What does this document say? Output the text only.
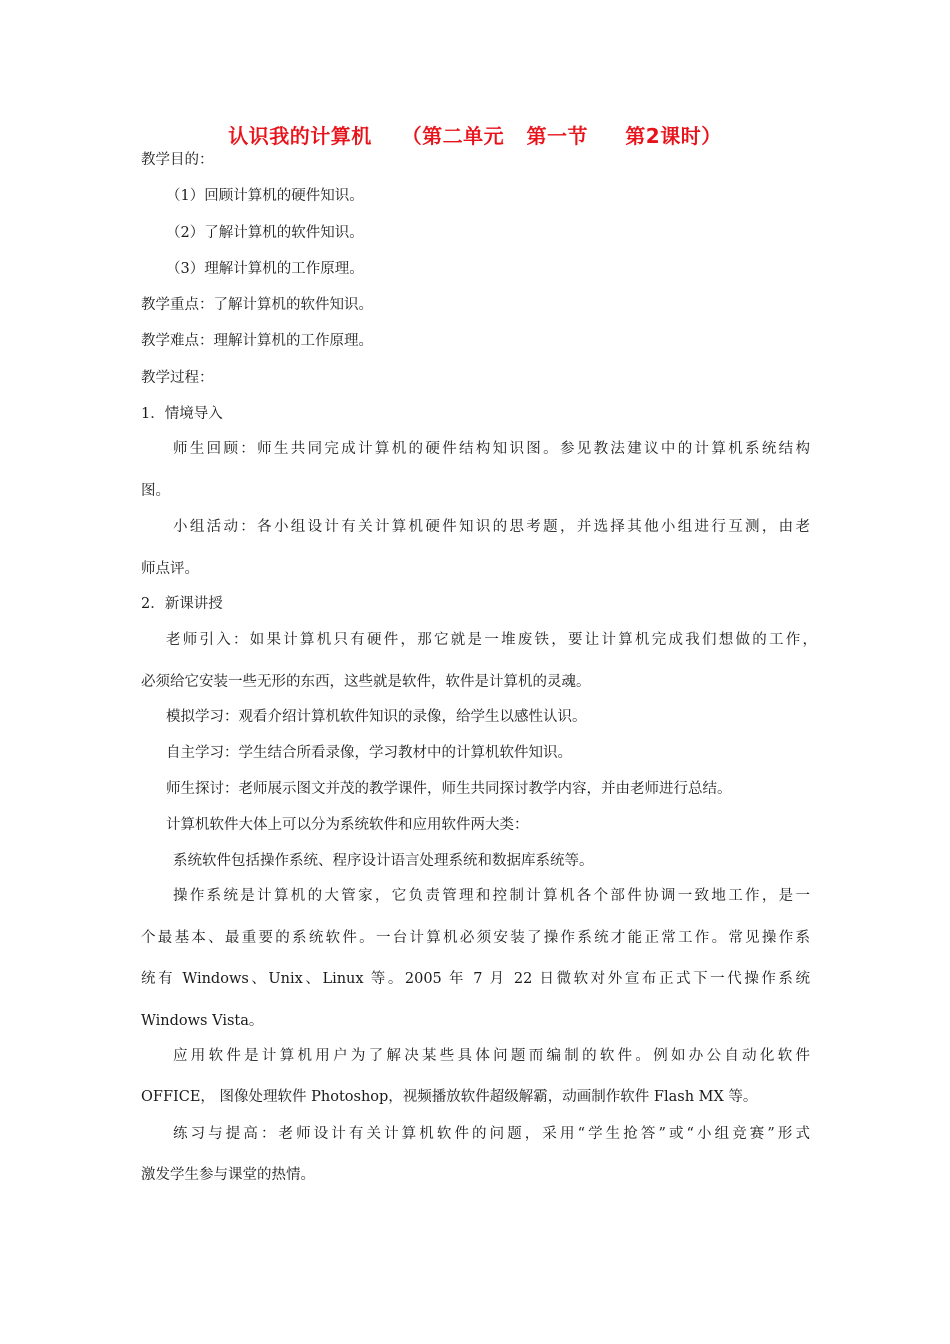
认识我的计算机    （第二单元   第一节     第2课时）
教学目的：
（1）回顾计算机的硬件知识。
（2）了解计算机的软件知识。
（3）理解计算机的工作原理。
教学重点：了解计算机的软件知识。
教学难点：理解计算机的工作原理。
教学过程：
1．情境导入
师生回顾：师生共同完成计算机的硬件结构知识图。参见教法建议中的计算机系统结构
图。
小组活动：各小组设计有关计算机硬件知识的思考题，并选择其他小组进行互测，由老
师点评。
2．新课讲授
老师引入：如果计算机只有硬件，那它就是一堆废铁，要让计算机完成我们想做的工作，
必须给它安装一些无形的东西，这些就是软件，软件是计算机的灵魂。
模拟学习：观看介绍计算机软件知识的录像，给学生以感性认识。
自主学习：学生结合所看录像，学习教材中的计算机软件知识。
师生探讨：老师展示图文并茂的教学课件，师生共同探讨教学内容，并由老师进行总结。
计算机软件大体上可以分为系统软件和应用软件两大类：
系统软件包括操作系统、程序设计语言处理系统和数据库系统等。
操作系统是计算机的大管家，它负责管理和控制计算机各个部件协调一致地工作，是一
个最基本、最重要的系统软件。一台计算机必须安装了操作系统才能正常工作。常见操作系
统有 Windows、Unix、Linux 等。2005 年 7 月 22 日微软对外宣布正式下一代操作系统
Windows Vista。
应用软件是计算机用户为了解决某些具体问题而编制的软件。例如办公自动化软件
OFFICE， 图像处理软件 Photoshop，视频播放软件超级解霸，动画制作软件 Flash MX 等。
练习与提高：老师设计有关计算机软件的问题，采用“学生抢答”或“小组竞赛”形式
激发学生参与课堂的热情。
